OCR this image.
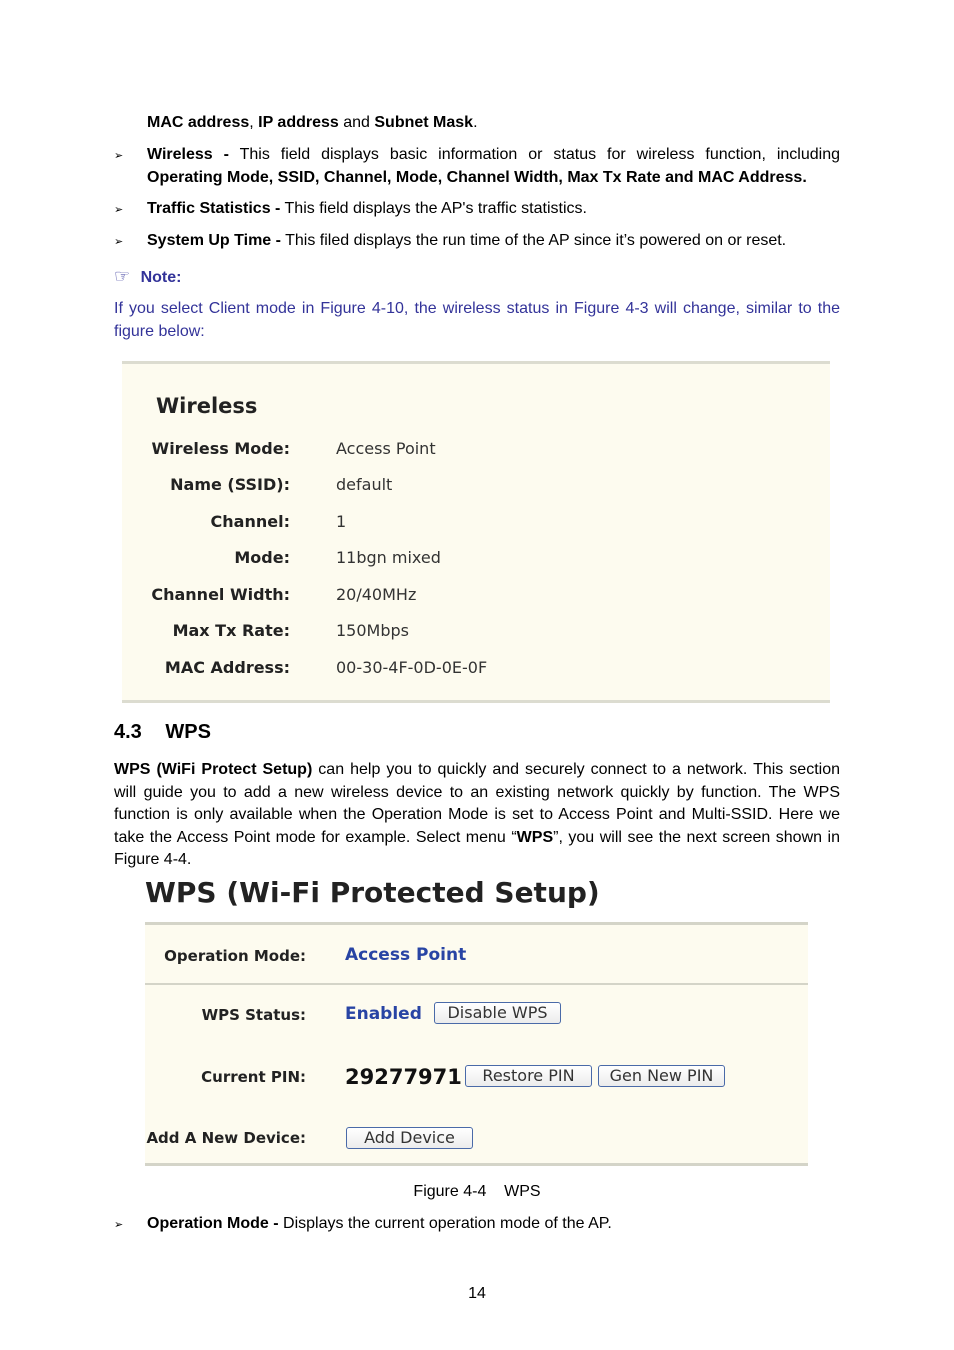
MAC address, IP address and Subnet Mask.
➢ Wireless - This field displays basic information or status for wireless function, including Operating Mode, SSID, Channel, Mode, Channel Width, Max Tx Rate and MAC Address.
➢ Traffic Statistics - This field displays the AP's traffic statistics.
➢ System Up Time - This filed displays the run time of the AP since it’s powered on or reset.
☞ Note:
If you select Client mode in Figure 4-10, the wireless status in Figure 4-3 will change, similar to the figure below:
Wireless
Wireless Mode:	Access Point
Name (SSID):	default
Channel:	1
Mode:	11bgn mixed
Channel Width:	20/40MHz
Max Tx Rate:	150Mbps
MAC Address:	00-30-4F-0D-0E-0F
4.3 WPS
WPS (WiFi Protect Setup) can help you to quickly and securely connect to a network. This section will guide you to add a new wireless device to an existing network quickly by function. The WPS function is only available when the Operation Mode is set to Access Point and Multi-SSID. Here we take the Access Point mode for example. Select menu “WPS”, you will see the next screen shown in Figure 4-4.
WPS (Wi-Fi Protected Setup)
Operation Mode: Access Point
WPS Status: Enabled	Disable WPS
Current PIN: 29277971	Restore PIN	Gen New PIN
Add A New Device:	Add Device
Figure 4-4    WPS
➢ Operation Mode - Displays the current operation mode of the AP.
14
